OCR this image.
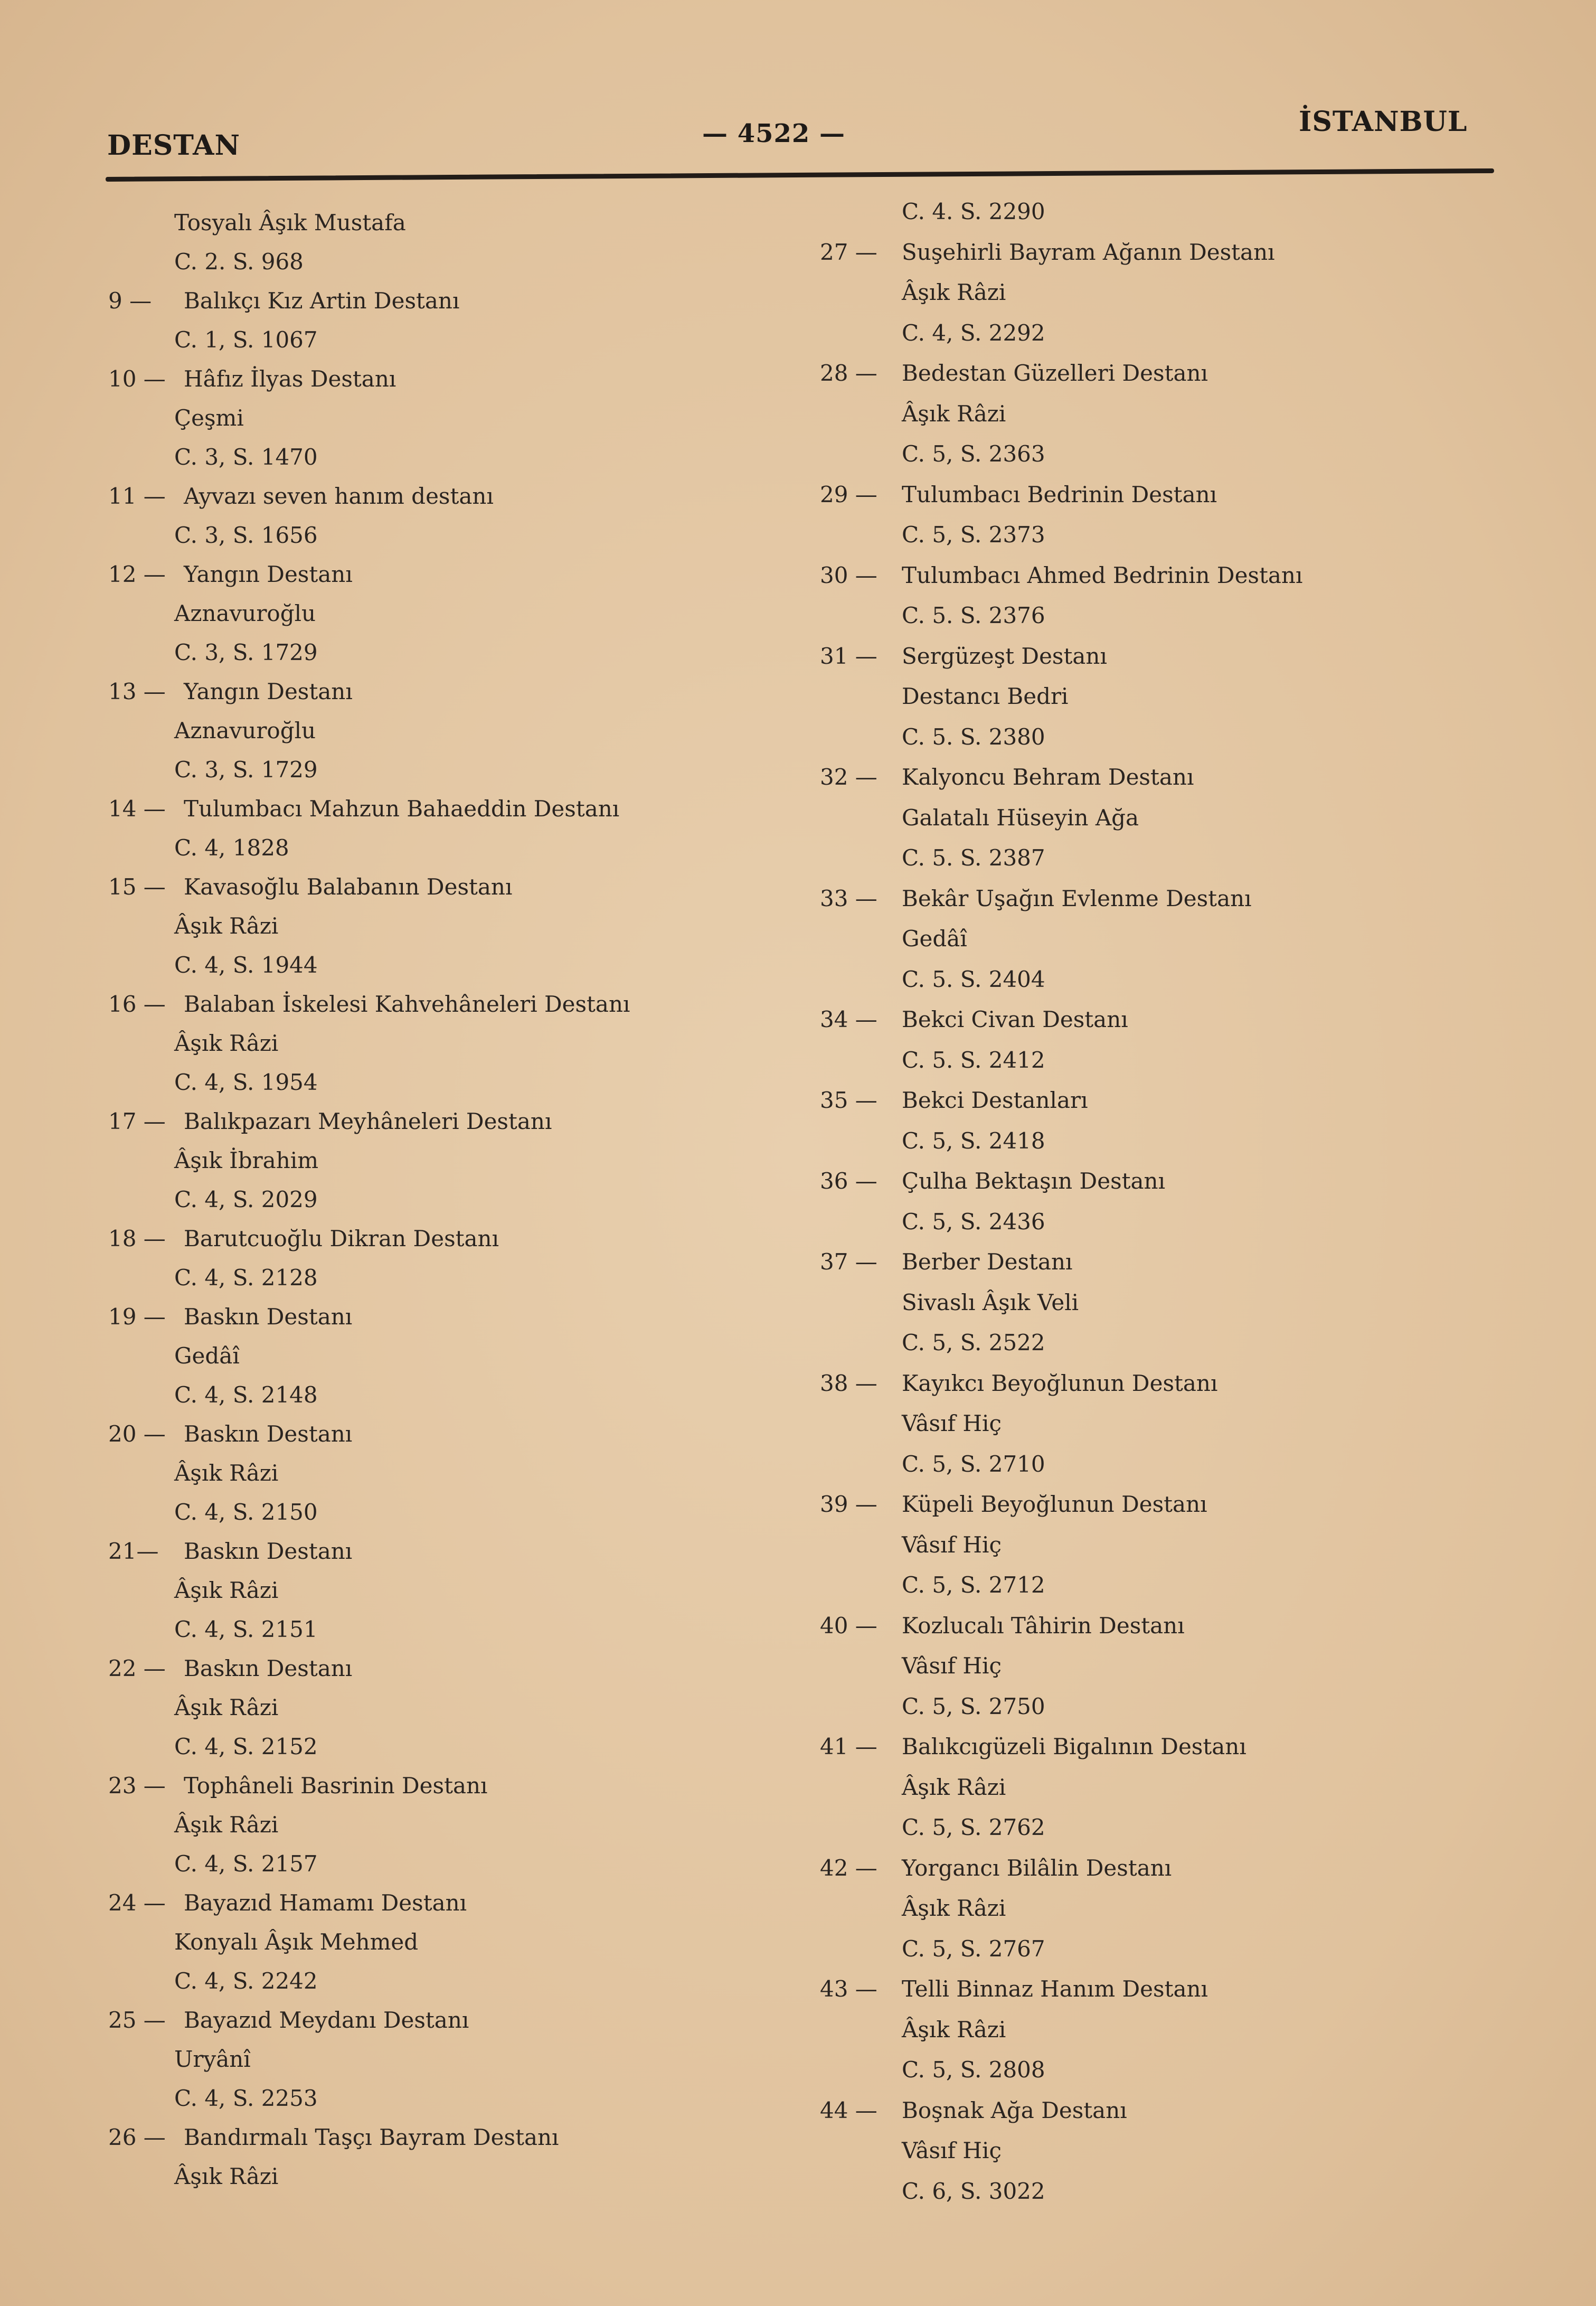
DESTAN	— 4522 —	İSTANBUL
Tosyalı Âşık Mustafa
C. 2. S. 968
9 — Balıkçı Kız Artin Destanı
C. 1, S. 1067
10 — Hâfız İlyas Destanı
Çeşmi
C. 3, S. 1470
11 — Ayvazı seven hanım destanı
C. 3, S. 1656
12 — Yangın Destanı
Aznavuroğlu
C. 3, S. 1729
13 — Yangın Destanı
Aznavuroğlu
C. 3, S. 1729
14 — Tulumbacı Mahzun Bahaeddin Destanı
C. 4, 1828
15 — Kavasoğlu Balabanın Destanı
Âşık Râzi
C. 4, S. 1944
16 — Balaban İskelesi Kahvehâneleri Destanı
Âşık Râzi
C. 4, S. 1954
17 — Balıkpazarı Meyhâneleri Destanı
Âşık İbrahim
C. 4, S. 2029
18 — Barutcuoğlu Dikran Destanı
C. 4, S. 2128
19 — Baskın Destanı
Gedâî
C. 4, S. 2148
20 — Baskın Destanı
Âşık Râzi
C. 4, S. 2150
21— Baskın Destanı
Âşık Râzi
C. 4, S. 2151
22 — Baskın Destanı
Âşık Râzi
C. 4, S. 2152
23 — Tophâneli Basrinin Destanı
Âşık Râzi
C. 4, S. 2157
24 — Bayazıd Hamamı Destanı
Konyalı Âşık Mehmed
C. 4, S. 2242
25 — Bayazıd Meydanı Destanı
Uryânî
C. 4, S. 2253
26 — Bandırmalı Taşçı Bayram Destanı
Âşık Râzi
C. 4. S. 2290
27 — Suşehirli Bayram Ağanın Destanı
Âşık Râzi
C. 4, S. 2292
28 — Bedestan Güzelleri Destanı
Âşık Râzi
C. 5, S. 2363
29 — Tulumbacı Bedrinin Destanı
C. 5, S. 2373
30 — Tulumbacı Ahmed Bedrinin Destanı
C. 5. S. 2376
31 — Sergüzeşt Destanı
Destancı Bedri
C. 5. S. 2380
32 — Kalyoncu Behram Destanı
Galatalı Hüseyin Ağa
C. 5. S. 2387
33 — Bekâr Uşağın Evlenme Destanı
Gedâî
C. 5. S. 2404
34 — Bekci Civan Destanı
C. 5. S. 2412
35 — Bekci Destanları
C. 5, S. 2418
36 — Çulha Bektaşın Destanı
C. 5, S. 2436
37 — Berber Destanı
Sivaslı Âşık Veli
C. 5, S. 2522
38 — Kayıkcı Beyoğlunun Destanı
Vâsıf Hiç
C. 5, S. 2710
39 — Küpeli Beyoğlunun Destanı
Vâsıf Hiç
C. 5, S. 2712
40 — Kozlucalı Tâhirin Destanı
Vâsıf Hiç
C. 5, S. 2750
41 — Balıkcıgüzeli Bigalının Destanı
Âşık Râzi
C. 5, S. 2762
42 — Yorgancı Bilâlin Destanı
Âşık Râzi
C. 5, S. 2767
43 — Telli Binnaz Hanım Destanı
Âşık Râzi
C. 5, S. 2808
44 — Boşnak Ağa Destanı
Vâsıf Hiç
C. 6, S. 3022
